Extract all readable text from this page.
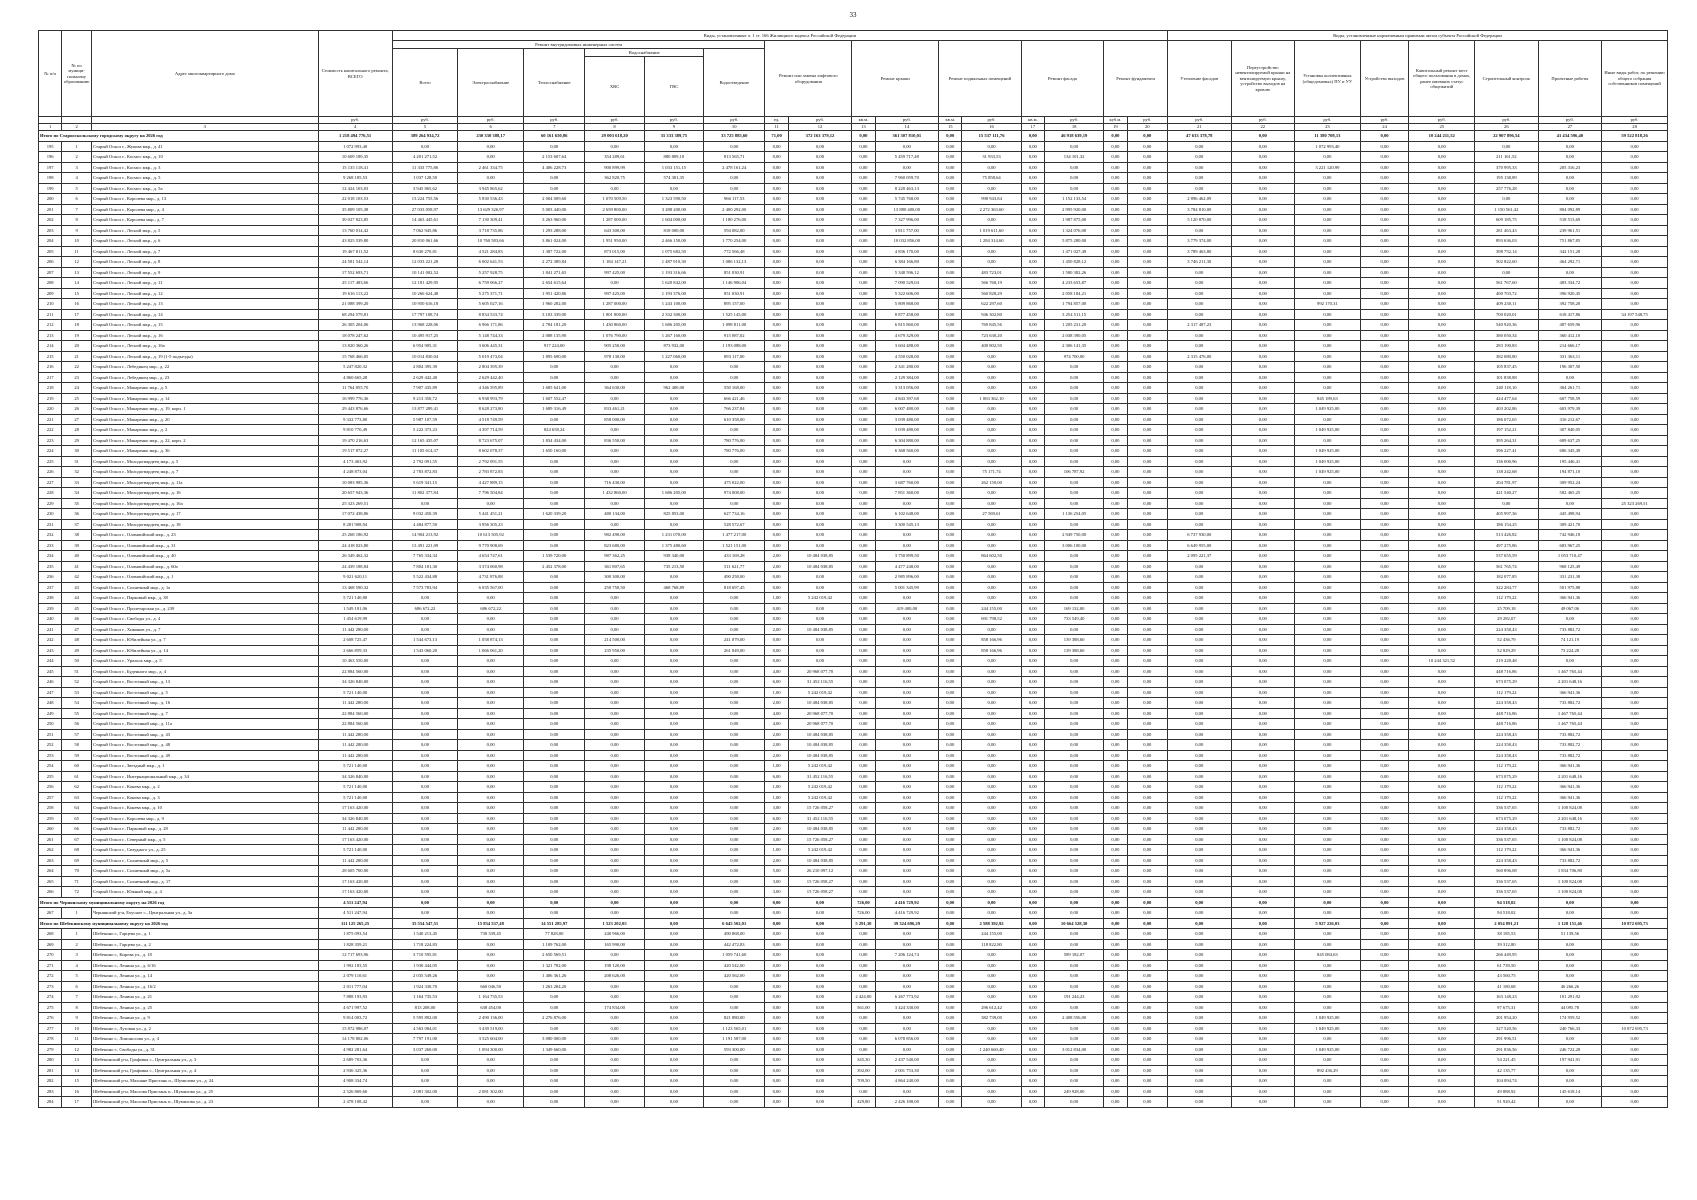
33
№ п/п	№ по муниципальному образованию	Адрес многоквартирного дома	Стоимость капитального ремонта, ВСЕГО	Виды, установленные ч. 1 ст. 166 Жилищного кодекса Российской Федерации																Виды, установленные нормативным правовым актом субъекта Российской Федерации							
				Ремонт внутридомовых инженерных систем						Ремонт или замена лифтового оборудования		Ремонт крыши		Ремонт подвальных помещений		Ремонт фасада		Ремонт фундамента		Утепление фасадов	Переустройство невентилируемой крыши на вентилируемую крышу, устройство выходов на кровлю	Установка коллективных (общедомовых) ПУ и УУ	Устройство выходов	Капитальный ремонт мест общего пользования в домах, ранее имевших статус общежитий	Строительный контроль	Проектные работы	Иные виды работ, по решению общего собрания собственников помещений
				Всего	Электроснабжение	Теплоснабжение	Водоснабжение		Водоотведение																		
							ХВС	ГВС																			
			руб.	руб.	руб.	руб.	руб.	руб.	руб.	ед.	руб.	кв.м.	руб.	кв.м.	руб.	кв.м.	руб.	куб.м.	руб.	руб.	руб.	руб.	руб.	руб.	руб.	руб.	руб.
1	2	3	4	5	6	7	8	9	10	11	12	13	14	15	16	17	18	19	20	21	22	23	24	25	26	27	28
Итого по Старооскольскому городскому округу на 2026 год			1 218 494 776,51	389 264 934,72	230 330 388,17	60 161 650,86	29 003 618,20	35 333 389,75	33 725 885,60	71,00	372 163 379,12	0,00	361 307 810,01	0,00	15 537 111,76	0,00	46 918 639,19	0,00	0,00	47 633 378,78	0,00	11 380 708,13	0,00	10 244 211,52	22 907 896,54	41 434 596,40	59 522 818,26
195	1	Старый Оскол г., Жукова мкр., д. 41	1 072 993,40	0,00	0,00	0,00	0,00	0,00	0,00	0,00	0,00	0,00	0,00	0,00	0,00	0,00	0,00	0,00	0,00	0,00	0,00	1 072 993,40	0,00	0,00	0,00	0,00	0,00
196	2	Старый Оскол г., Космос мкр., д. 10	10 609 189,35	4 201 271,52	0,00	2 153 607,64	354 289,61	880 809,10	813 565,71	0,00	0,00	0,00	5 459 717,48	0,00	31 933,53	0,00	134 101,32	0,00	0,00	0,00	0,00	0,00	0,00	0,00	211 161,52	0,00	0,00
197	3	Старый Оскол г., Космос мкр., д. 3	15 135 118,41	11 333 775,86	2 461 334,75	4 406 228,73	900 899,99	1 033 151,15	2 478 161,24	0,00	0,00	0,00	0,00	0,00	0,00	0,00	0,00	0,00	0,00	0,00	0,00	3 221 120,99	0,00	0,00	370 995,33	205 316,23	0,00
198	4	Старый Оскол г., Космос мкр., д. 5	9 268 185,53	1 037 128,50	0,00	0,00	362 820,75	574 301,35	0,00	0,00	0,00	0,00	7 960 059,70	0,00	75 858,64	0,00	0,00	0,00	0,00	0,00	0,00	0,00	0,00	0,00	195 138,89	0,00	0,00
199	5	Старый Оскол г., Космос мкр., д. 5а	12 424 103,03	3 945 865,62	3 945 865,62	0,00	0,00	0,00	0,00	0,00	0,00	0,00	8 220 463,13	0,00	0,00	0,00	0,00	0,00	0,00	0,00	0,00	0,00	0,00	0,00	257 776,28	0,00	0,00
200	6	Старый Оскол г., Королева мкр., д. 13	22 018 103,53	13 224 755,56	5 830 536,43	2 004 009,60	1 070 509,50	1 323 590,50	966 117,53	0,00	0,00	0,00	5 745 768,00	0,00	998 943,84	0,00	1 152 133,54	0,00	0,00	2 896 462,09	0,00	0,00	0,00	0,00	0,00	0,00	0,00
201	7	Старый Оскол г., Королева мкр., д. 4	35 809 105,38	27 033 058,97	13 629 326,97	5 003 440,00	2 659 800,00	3 288 200,00	2 400 292,00	0,00	0,00	0,00	13 880 400,00	0,00	2 272 363,60	0,00	2 995 920,00	0,00	0,00	3 784 810,00	0,00	0,00	0,00	0,00	1 150 561,42	804 092,89	0,00
202	8	Старый Оскол г., Королева мкр., д. 7	30 027 823,85	14 463 445,61	7 130 309,41	3 263 960,00	1 287 000,00	1 604 000,00	1 180 276,00	0,00	0,00	0,00	7 327 996,00	0,00	0,00	0,00	1 987 875,00	0,00	0,00	5 120 870,00	0,00	0,00	0,00	0,00	609 185,75	518 513,69	0,00
203	9	Старый Оскол г., Лесной мкр., д. 5	13 760 014,42	7 062 945,86	3 718 735,86	1 293 288,00	643 300,00	818 000,00	594 082,00	0,00	0,00	0,00	3 811 757,00	0,00	1 019 611,60	0,00	1 324 076,00	0,00	0,00	0,00	0,00	0,00	0,00	0,00	281 463,43	239 961,51	0,00
204	10	Старый Оскол г., Лесной мкр., д. 6	43 825 539,80	20 810 061,66	10 760 583,66	3 861 024,00	1 951 950,00	2 466 150,00	1 770 254,00	0,00	0,00	0,00	10 032 856,00	0,00	1 284 314,60	0,00	5 875 280,00	0,00	0,00	3 779 374,00	0,00	0,00	0,00	0,00	893 636,03	751 867,85	0,00
205	11	Старый Оскол г., Лесной мкр., д. 7	19 467 811,52	8 630 270,81	4 521 284,83	1 387 722,00	873 015,00	1 075 682,50	772 566,48	0,00	0,00	0,00	4 836 170,00	0,00	0,00	0,00	1 471 027,49	0,00	0,00	3 789 463,80	0,00	0,00	0,00	0,00	398 752,14	342 151,28	0,00
206	12	Старый Оскол г., Лесной мкр., д. 8	24 581 542,14	12 033 221,28	6 002 641,53	2 272 389,84	1 184 147,21	1 487 910,30	1 086 132,13	0,00	0,00	0,00	6 384 166,80	0,00	0,00	0,00	1 450 828,12	0,00	0,00	3 746 211,30	0,00	0,00	0,00	0,00	502 822,60	464 292,71	0,00
207	13	Старый Оскол г., Лесной мкр., д. 9	17 552 693,71	10 141 002,52	5 257 928,75	1 841 271,65	997 425,00	1 193 316,66	851 030,91	0,00	0,00	0,00	5 348 596,12	0,00	483 723,01	0,00	1 580 382,26	0,00	0,00	0,00	0,00	0,00	0,00	0,00	0,00	0,00	0,00
208	14	Старый Оскол г., Лесной мкр., д. 11	25 117 483,66	12 181 429,95	6 759 066,27	2 654 615,64	0,00	1 620 842,00	1 146 906,04	0,00	0,00	0,00	7 090 529,04	0,00	566 768,19	0,00	4 233 653,87	0,00	0,00	0,00	0,00	0,00	0,00	0,00	561 767,60	483 334,72	0,00
209	15	Старый Оскол г., Лесной мкр., д. 12	19 616 113,22	10 266 624,48	5 275 371,71	1 951 420,86	997 425,00	1 193 376,00	851 030,91	0,00	0,00	0,00	5 322 606,00	0,00	560 828,29	0,00	2 058 184,21	0,00	0,00	0,00	0,00	0,00	0,00	0,00	400 703,72	396 920,45	0,00
210	16	Старый Оскол г., Лесной мкр., д. 13	21 088 399,20	10 950 616,18	5 605 027,16	1 960 282,00	1 287 000,00	1 243 100,00	895 157,00	0,00	0,00	0,00	5 809 868,00	0,00	622 297,60	0,00	1 794 857,00	0,00	0,00	0,00	0,00	992 170,31	0,00	0,00	409 230,11	392 758,20	0,00
211	17	Старый Оскол г., Лесной мкр., д. 14	68 294 579,81	17 797 108,74	8 834 533,74	3 103 339,00	1 801 800,00	2 332 300,00	1 525 145,00	0,00	0,00	0,00	8 877 458,00	0,00	946 302,80	0,00	3 254 511,15	0,00	0,00	0,00	0,00	0,00	0,00	0,00	700 020,01	618 417,86	34 197 548,75
212	18	Старый Оскол г., Лесной мкр., д. 15	26 305 204,06	13 968 228,06	6 966 171,86	2 784 181,20	1 430 860,00	1 686 205,00	1 098 811,00	0,00	0,00	0,00	6 815 860,00	0,00	769 845,56	0,00	1 205 231,20	0,00	0,00	2 317 487,23	0,00	0,00	0,00	0,00	540 920,36	487 659,96	0,00
213	19	Старый Оскол г., Лесной мкр., д. 16	18 078 247,62	10 495 917,25	5 148 744,33	2 088 135,90	1 076 790,00	1 267 160,00	915 087,02	0,00	0,00	0,00	4 679 329,00	0,00	723 630,20	0,00	2 038 390,05	0,00	0,00	0,00	0,00	0,00	0,00	0,00	380 050,34	360 412,10	0,00
214	20	Старый Оскол г., Лесной мкр., д. 16а	13 820 360,26	6 954 905,31	3 606 445,31	917 224,00	905 250,00	873 932,00	1 193 088,00	0,00	0,00	0,00	3 604 488,00	0,00	400 802,50	0,00	2 306 141,35	0,00	0,00	0,00	0,00	0,00	0,00	0,00	283 190,83	214 666,17	0,00
215	21	Старый Оскол г., Лесной мкр., д. 19 (1-5 подъезды)	15 768 466,05	10 014 830,04	5 019 473,04	1 895 690,00	978 130,00	1 227 060,00	893 117,00	0,00	0,00	0,00	4 550 028,00	0,00	0,00	0,00	974 700,00	0,00	0,00	2 315 476,00	0,00	0,00	0,00	0,00	382 080,80	331 363,11	0,00
216	22	Старый Оскол г., Лебединец мкр., д. 22	5 247 820,32	2 804 395,39	2 804 395,39	0,00	0,00	0,00	0,00	0,00	0,00	0,00	2 341 280,00	0,00	0,00	0,00	0,00	0,00	0,00	0,00	0,00	0,00	0,00	0,00	105 837,45	196 307,50	0,00
217	23	Старый Оскол г., Лебединец мкр., д. 23	4 860 665,28	2 629 442,40	2 629 442,40	0,00	0,00	0,00	0,00	0,00	0,00	0,00	2 129 384,00	0,00	0,00	0,00	0,00	0,00	0,00	0,00	0,00	0,00	0,00	0,00	101 838,88	0,00	0,00
218	24	Старый Оскол г., Макаренко мкр., д. 5	11 764 855,70	7 907 435,89	4 346 595,89	1 685 641,00	364 630,00	962 400,00	550 168,00	0,00	0,00	0,00	3 313 056,00	0,00	0,00	0,00	0,00	0,00	0,00	0,00	0,00	0,00	0,00	0,00	240 118,10	304 261,71	0,00
219	25	Старый Оскол г., Макаренко мкр., д. 14	16 999 776,36	9 213 350,72	6 938 993,79	1 607 552,47	0,00	0,00	666 421,46	0,00	0,00	0,00	4 843 397,68	0,00	1 063 362,10	0,00	0,00	0,00	0,00	0,00	0,00	845 189,63	0,00	0,00	424 477,64	607 758,59	0,00
220	26	Старый Оскол г., Макаренко мкр., д. 19, корп. 1	29 443 876,66	13 877 289,41	8 628 273,80	1 689 316,49	833 461,21	0,00	766 237,84	0,00	0,00	0,00	6 007 480,00	0,00	0,00	0,00	0,00	0,00	0,00	0,00	0,00	1 049 925,00	0,00	0,00	403 202,86	603 979,39	0,00
221	27	Старый Оскол г., Макаренко мкр., д. 20	9 332 773,80	5 987 107,59	4 518 749,59	0,00	858 000,00	0,00	610 358,00	0,00	0,00	0,00	3 039 480,00	0,00	0,00	0,00	0,00	0,00	0,00	0,00	0,00	0,00	0,00	0,00	186 072,65	316 212,67	0,00
222	28	Старый Оскол г., Макаренко мкр., д. 2	9 810 770,49	5 222 373,23	4 397 714,59	824 658,24	0,00	0,00	0,00	0,00	0,00	0,00	3 039 480,00	0,00	0,00	0,00	0,00	0,00	0,00	0,00	0,00	1 049 925,00	0,00	0,00	197 152,21	307 840,05	0,00
223	29	Старый Оскол г., Макаренко мкр., д. 22, корп. 2	19 470 216,63	12 165 435,07	8 723 675,07	1 834 434,00	836 550,00	0,00	780 776,00	0,00	0,00	0,00	6 304 880,00	0,00	0,00	0,00	0,00	0,00	0,00	0,00	0,00	0,00	0,00	0,00	395 264,31	689 637,25	0,00
224	30	Старый Оскол г., Макаренко мкр., д. 36	19 517 872,27	11 105 614,37	8 602 078,37	1 650 160,00	0,00	0,00	780 776,00	0,00	0,00	0,00	6 368 560,00	0,00	0,00	0,00	0,00	0,00	0,00	0,00	0,00	1 049 925,00	0,00	0,00	396 227,41	686 345,49	0,00
225	31	Старый Оскол г., Молодогвардеец мкр., д. 5	4 173 463,92	2 792 091,55	2 792 091,55	0,00	0,00	0,00	0,00	0,00	0,00	0,00	0,00	0,00	0,00	0,00	0,00	0,00	0,00	0,00	0,00	1 049 925,00	0,00	0,00	136 000,96	195 446,41	0,00
226	32	Старый Оскол г., Молодогвардеец мкр., д. 7	4 248 873,04	2 783 872,83	2 783 872,83	0,00	0,00	0,00	0,00	0,00	0,00	0,00	0,00	0,00	75 171,74	0,00	106 787,92	0,00	0,00	0,00	0,00	1 049 925,00	0,00	0,00	138 242,68	194 871,10	0,00
227	33	Старый Оскол г., Молодогвардеец мкр., д. 11а	10 083 985,36	5 619 341,15	4 427 889,15	0,00	716 430,00	0,00	475 022,00	0,00	0,00	0,00	3 687 760,00	0,00	262 150,00	0,00	0,00	0,00	0,00	0,00	0,00	0,00	0,00	0,00	204 781,97	309 952,24	0,00
228	34	Старый Оскол г., Молодогвардеец мкр., д. 16	20 657 943,36	11 802 377,84	7 796 504,84	0,00	1 432 860,00	1 686 205,00	974 008,00	0,00	0,00	0,00	7 851 360,00	0,00	0,00	0,00	0,00	0,00	0,00	0,00	0,00	0,00	0,00	0,00	421 540,27	582 465,25	0,00
229	35	Старый Оскол г., Молодогвардеец мкр., д. 16а	25 323 269,51	0,00	0,00	0,00	0,00	0,00	0,00	0,00	0,00	0,00	0,00	0,00	0,00	0,00	0,00	0,00	0,00	0,00	0,00	0,00	0,00	0,00	0,00	0,00	25 323 269,51
230	36	Старый Оскол г., Молодогвардеец мкр., д. 17	17 072 438,86	9 032 450,39	5 441 451,21	1 620 339,20	480 134,00	825 853,00	627 734,16	0,00	0,00	0,00	6 102 648,00	0,00	27 569,61	0,00	1 136 254,05	0,00	0,00	0,00	0,00	0,00	0,00	0,00	405 997,36	445 498,94	0,00
231	37	Старый Оскол г., Молодогвардеец мкр., д. 18	8 281 908,94	4 484 877,50	3 956 305,23	0,00	0,00	0,00	528 572,67	0,00	0,00	0,00	3 300 545,13	0,00	0,00	0,00	0,00	0,00	0,00	0,00	0,00	0,00	0,00	0,00	186 154,25	309 421,70	0,00
232	38	Старый Оскол г., Олимпийский мкр., д. 23	25 268 186,92	14 904 213,92	10 613 505,92	0,00	982 490,00	1 231 070,00	1 477 217,00	0,00	0,00	0,00	0,00	0,00	0,00	0,00	2 949 750,00	0,00	0,00	6 737 930,00	0,00	0,00	0,00	0,00	513 426,82	742 946,18	0,00
233	39	Старый Оскол г., Олимпийский мкр., д. 31	24 418 023,80	13 491 221,09	9 770 908,69	0,00	823 680,00	1 375 480,60	1 521 151,00	0,00	0,00	0,00	0,00	0,00	0,00	0,00	3 006 100,00	0,00	0,00	6 649 955,00	0,00	0,00	0,00	0,00	497 275,86	683 967,25	0,00
234	40	Старый Оскол г., Олимпийский мкр., д. 40	26 349 462,32	7 765 334,34	4 654 747,61	1 539 720,00	987 362,25	938 340,00	433 169,28	2,00	10 484 038,85	0,00	3 750 899,50	0,00	864 602,50	0,00	0,00	0,00	0,00	2 095 221,37	0,00	0,00	0,00	0,00	537 655,59	1 053 710,47	0,00
235	41	Старый Оскол г., Олимпийский мкр., д. 60а	24 439 188,84	7 804 181,30	3 374 060,98	2 452 378,00	361 807,65	735 213,50	511 621,77	2,00	10 484 038,85	0,00	4 477 248,00	0,00	0,00	0,00	0,00	0,00	0,00	0,00	0,00	0,00	0,00	0,00	561 765,74	968 125,49	0,00
236	42	Старый Оскол г., Олимпийский мкр., д. 1	9 021 620,11	5 522 434,88	4 731 876,88	0,00	300 300,00	0,00	490 258,00	0,00	0,00	0,00	2 985 896,00	0,00	0,00	0,00	0,00	0,00	0,00	0,00	0,00	0,00	0,00	0,00	182 077,85	331 231,38	0,00
237	43	Старый Оскол г., Солнечный мкр., д. 1а	13 468 590,32	7 573 783,94	6 035 567,00	0,00	250 750,50	468 768,89	818 697,45	0,00	0,00	0,00	5 001 345,99	0,00	0,00	0,00	0,00	0,00	0,00	0,00	0,00	0,00	0,00	0,00	322 284,77	501 975,88	0,00
238	44	Старый Оскол г., Парковый мкр., д. 38	5 721 140,80	0,00	0,00	0,00	0,00	0,00	0,00	1,00	5 242 019,42	0,00	0,00	0,00	0,00	0,00	0,00	0,00	0,00	0,00	0,00	0,00	0,00	0,00	112 179,22	366 941,36	0,00
239	45	Старый Оскол г., Пролетарская ул., д. 239	1 549 101,06	686 672,22	686 672,22	0,00	0,00	0,00	0,00	0,00	0,00	0,00	419 400,00	0,00	244 155,00	0,00	169 132,00	0,00	0,00	0,00	0,00	0,00	0,00	0,00	25 709,18	49 067,06	0,00
240	46	Старый Оскол г., Свободы ул., д. 4	1 454 619,99	0,00	0,00	0,00	0,00	0,00	0,00	0,00	0,00	0,00	0,00	0,00	691 798,52	0,00	733 549,40	0,00	0,00	0,00	0,00	0,00	0,00	0,00	29 282,07	0,00	0,00
241	47	Старый Оскол г., Химиков ул., д. 7	11 442 280,00	0,00	0,00	0,00	0,00	0,00	0,00	2,00	10 484 038,85	0,00	0,00	0,00	0,00	0,00	0,00	0,00	0,00	0,00	0,00	0,00	0,00	0,00	224 358,43	733 882,72	0,00
242	48	Старый Оскол г., Юбилейная ул., д. 7	2 608 725,47	1 544 673,13	1 058 874,13	0,00	214 500,00	0,00	241 079,00	0,00	0,00	0,00	0,00	0,00	858 166,96	0,00	139 388,60	0,00	0,00	0,00	0,00	0,00	0,00	0,00	52 436,79	74 121,19	0,00
243	49	Старый Оскол г., Юбилейная ул., д. 14	2 666 859,33	1 543 060,20	1 066 061,20	0,00	235 950,00	0,00	261 049,00	0,00	0,00	0,00	0,00	0,00	858 166,96	0,00	139 388,60	0,00	0,00	0,00	0,00	0,00	0,00	0,00	52 829,29	73 224,28	0,00
244	50	Старый Оскол г., Уральск мкр., д. 5	10 463 550,00	0,00	0,00	0,00	0,00	0,00	0,00	0,00	0,00	0,00	0,00	0,00	0,00	0,00	0,00	0,00	0,00	0,00	0,00	0,00	0,00	10 244 321,52	219 228,48	0,00	0,00
245	51	Старый Оскол г., Буденного мкр., д. 4	22 884 560,00	0,00	0,00	0,00	0,00	0,00	0,00	4,00	20 968 077,70	0,00	0,00	0,00	0,00	0,00	0,00	0,00	0,00	0,00	0,00	0,00	0,00	0,00	448 716,86	1 467 765,44	0,00
246	52	Старый Оскол г., Восточный мкр., д. 13	34 326 840,00	0,00	0,00	0,00	0,00	0,00	0,00	6,00	31 452 116,55	0,00	0,00	0,00	0,00	0,00	0,00	0,00	0,00	0,00	0,00	0,00	0,00	0,00	673 075,29	2 201 648,16	0,00
247	53	Старый Оскол г., Восточный мкр., д. 5	5 721 140,00	0,00	0,00	0,00	0,00	0,00	0,00	1,00	5 242 019,42	0,00	0,00	0,00	0,00	0,00	0,00	0,00	0,00	0,00	0,00	0,00	0,00	0,00	112 179,22	366 941,36	0,00
248	54	Старый Оскол г., Восточный мкр., д. 16	11 442 280,00	0,00	0,00	0,00	0,00	0,00	0,00	2,00	10 484 038,85	0,00	0,00	0,00	0,00	0,00	0,00	0,00	0,00	0,00	0,00	0,00	0,00	0,00	224 358,43	733 882,72	0,00
249	55	Старый Оскол г., Восточный мкр., д. 7	22 884 560,00	0,00	0,00	0,00	0,00	0,00	0,00	4,00	20 968 077,70	0,00	0,00	0,00	0,00	0,00	0,00	0,00	0,00	0,00	0,00	0,00	0,00	0,00	448 716,86	1 467 765,44	0,00
250	56	Старый Оскол г., Восточный мкр., д. 11а	22 884 560,00	0,00	0,00	0,00	0,00	0,00	0,00	4,00	20 968 077,70	0,00	0,00	0,00	0,00	0,00	0,00	0,00	0,00	0,00	0,00	0,00	0,00	0,00	448 716,86	1 467 765,44	0,00
251	57	Старый Оскол г., Восточный мкр., д. 43	11 442 280,00	0,00	0,00	0,00	0,00	0,00	0,00	2,00	10 484 038,85	0,00	0,00	0,00	0,00	0,00	0,00	0,00	0,00	0,00	0,00	0,00	0,00	0,00	224 358,43	733 882,72	0,00
252	58	Старый Оскол г., Восточный мкр., д. 48	11 442 280,00	0,00	0,00	0,00	0,00	0,00	0,00	2,00	10 484 038,85	0,00	0,00	0,00	0,00	0,00	0,00	0,00	0,00	0,00	0,00	0,00	0,00	0,00	224 358,43	733 882,72	0,00
253	59	Старый Оскол г., Восточный мкр., д. 49	11 442 280,00	0,00	0,00	0,00	0,00	0,00	0,00	2,00	10 484 038,85	0,00	0,00	0,00	0,00	0,00	0,00	0,00	0,00	0,00	0,00	0,00	0,00	0,00	224 358,43	733 882,72	0,00
254	60	Старый Оскол г., Звездный мкр., д. 1	5 721 140,00	0,00	0,00	0,00	0,00	0,00	0,00	1,00	5 242 019,42	0,00	0,00	0,00	0,00	0,00	0,00	0,00	0,00	0,00	0,00	0,00	0,00	0,00	112 179,22	366 941,36	0,00
255	61	Старый Оскол г., Интернациональный мкр., д. 34	34 326 840,00	0,00	0,00	0,00	0,00	0,00	0,00	6,00	31 452 116,55	0,00	0,00	0,00	0,00	0,00	0,00	0,00	0,00	0,00	0,00	0,00	0,00	0,00	673 075,29	2 201 648,16	0,00
256	62	Старый Оскол г., Конева мкр., д. 2	5 721 140,00	0,00	0,00	0,00	0,00	0,00	0,00	1,00	5 242 019,42	0,00	0,00	0,00	0,00	0,00	0,00	0,00	0,00	0,00	0,00	0,00	0,00	0,00	112 179,22	366 941,36	0,00
257	63	Старый Оскол г., Конева мкр., д. 3	5 721 140,00	0,00	0,00	0,00	0,00	0,00	0,00	1,00	5 242 019,42	0,00	0,00	0,00	0,00	0,00	0,00	0,00	0,00	0,00	0,00	0,00	0,00	0,00	112 179,22	366 941,36	0,00
258	64	Старый Оскол г., Конева мкр., д. 10	17 163 420,00	0,00	0,00	0,00	0,00	0,00	0,00	3,00	15 726 058,27	0,00	0,00	0,00	0,00	0,00	0,00	0,00	0,00	0,00	0,00	0,00	0,00	0,00	336 537,65	1 100 824,08	0,00
259	65	Старый Оскол г., Королева мкр., д. 9	34 326 840,00	0,00	0,00	0,00	0,00	0,00	0,00	6,00	31 452 116,55	0,00	0,00	0,00	0,00	0,00	0,00	0,00	0,00	0,00	0,00	0,00	0,00	0,00	673 075,29	2 201 648,16	0,00
260	66	Старый Оскол г., Парковый мкр., д. 28	11 442 280,00	0,00	0,00	0,00	0,00	0,00	0,00	2,00	10 484 038,85	0,00	0,00	0,00	0,00	0,00	0,00	0,00	0,00	0,00	0,00	0,00	0,00	0,00	224 358,43	733 882,72	0,00
261	67	Старый Оскол г., Северный мкр., д. 5	17 163 420,00	0,00	0,00	0,00	0,00	0,00	0,00	3,00	15 726 058,27	0,00	0,00	0,00	0,00	0,00	0,00	0,00	0,00	0,00	0,00	0,00	0,00	0,00	336 537,65	1 100 824,08	0,00
262	68	Старый Оскол г., Сизудного ул., д. 25	5 721 140,00	0,00	0,00	0,00	0,00	0,00	0,00	1,00	5 242 019,42	0,00	0,00	0,00	0,00	0,00	0,00	0,00	0,00	0,00	0,00	0,00	0,00	0,00	112 179,22	366 941,36	0,00
263	69	Старый Оскол г., Солнечный мкр., д. 5	11 442 280,00	0,00	0,00	0,00	0,00	0,00	0,00	2,00	10 484 038,85	0,00	0,00	0,00	0,00	0,00	0,00	0,00	0,00	0,00	0,00	0,00	0,00	0,00	224 358,43	733 882,72	0,00
264	70	Старый Оскол г., Солнечный мкр., д. 5а	28 605 700,00	0,00	0,00	0,00	0,00	0,00	0,00	5,00	26 210 097,12	0,00	0,00	0,00	0,00	0,00	0,00	0,00	0,00	0,00	0,00	0,00	0,00	0,00	560 896,08	1 834 706,80	0,00
265	71	Старый Оскол г., Солнечный мкр., д. 17	17 163 420,00	0,00	0,00	0,00	0,00	0,00	0,00	3,00	15 726 058,27	0,00	0,00	0,00	0,00	0,00	0,00	0,00	0,00	0,00	0,00	0,00	0,00	0,00	336 537,65	1 100 824,08	0,00
266	72	Старый Оскол г., Южный мкр., д. 4	17 163 420,00	0,00	0,00	0,00	0,00	0,00	0,00	3,00	15 726 058,27	0,00	0,00	0,00	0,00	0,00	0,00	0,00	0,00	0,00	0,00	0,00	0,00	0,00	336 537,65	1 100 824,08	0,00
Итого по Чернянскому муниципальному округу на 2026 год			4 511 247,94	0,00	0,00	0,00	0,00	0,00	0,00	0,00	0,00	726,00	4 416 729,92	0,00	0,00	0,00	0,00	0,00	0,00	0,00	0,00	0,00	0,00	0,00	94 518,02	0,00	0,00
267	1	Чернянский р-н, Еоусное с., Центральная ул., д. 3а	4 511 247,94	0,00	0,00	0,00	0,00	0,00	0,00	0,00	0,00	726,00	4 416 729,92	0,00	0,00	0,00	0,00	0,00	0,00	0,00	0,00	0,00	0,00	0,00	94 518,02	0,00	0,00
Итого по Шебекинскому муниципальному округу на 2026 год			111 125 265,25	35 554 547,51	15 834 537,48	14 551 285,97	1 523 202,05	0,00	6 645 502,01	0,00	0,00	5 291,30	39 324 696,29	0,00	2 588 392,92	0,00	10 664 528,30	0,00	0,00	0,00	0,00	5 927 226,03	0,00	0,00	2 054 891,21	1 128 151,46	10 872 695,73
268	1	Шебекино г., Гарцева ул., д. 1	1 875 093,54	1 540 213,45	730 339,45	77 828,00	240 966,00	0,00	490 868,00	0,00	0,00	0,00	0,00	0,00	244 155,00	0,00	0,00	0,00	0,00	0,00	0,00	0,00	0,00	0,00	38 185,53	51 139,56	0,00
269	2	Шебекино г., Гарцева ул., д. 2	1 828 359,21	1 718 224,83	0,00	1 109 762,00	165 990,00	0,00	442 472,83	0,00	0,00	0,00	0,00	0,00	118 822,80	0,00	0,00	0,00	0,00	0,00	0,00	0,00	0,00	0,00	39 312,80	0,00	0,00
270	3	Шебекино г., Кирова ул., д. 18	12 717 693,96	3 710 595,81	0,00	2 650 569,51	0,00	0,00	1 059 741,60	0,00	0,00	0,00	7 206 124,74	0,00	0,00	0,00	589 182,07	0,00	0,00	0,00	0,00	845 084,63	0,00	0,00	266 449,95	0,00	0,00
271	4	Шебекино г., Ленина ул., д. 6/16	1 992 183,55	1 930 444,05	0,00	1 321 782,00	198 120,00	0,00	420 542,00	0,00	0,00	0,00	0,00	0,00	0,00	0,00	0,00	0,00	0,00	0,00	0,00	0,00	0,00	0,00	61 739,50	0,00	0,00
272	5	Шебекино г., Ленина ул., д. 14	2 079 110,61	2 035 549,26	0,00	1 406 361,26	208 626,00	0,00	420 562,00	0,00	0,00	0,00	0,00	0,00	0,00	0,00	0,00	0,00	0,00	0,00	0,00	0,00	0,00	0,00	43 560,75	0,00	0,00
273	6	Шебекино г., Ленина ул., д. 16/2	2 011 777,04	1 924 330,70	660 046,50	1 263 284,20	0,00	0,00	0,00	0,00	0,00	0,00	0,00	0,00	0,00	0,00	0,00	0,00	0,00	0,00	0,00	0,00	0,00	0,00	41 180,68	46 266,26	0,00
274	7	Шебекино г., Ленина ул., д. 21	7 888 193,93	1 164 735,53	1 164 735,53	0,00	0,00	0,00	0,00	0,00	0,00	2 424,00	6 267 773,92	0,00	0,00	0,00	191 244,23	0,00	0,00	0,00	0,00	0,00	0,00	0,00	163 148,23	101 291,92	0,00
275	8	Шебекино г., Ленина ул., д. 25	4 671 997,52	813 208,00	638 454,00	0,00	174 834,00	0,00	0,00	0,00	0,00	561,00	3 424 330,00	0,00	296 612,42	0,00	0,00	0,00	0,00	0,00	0,00	0,00	0,00	0,00	97 675,31	44 095,78	0,00
276	9	Шебекино г., Ленина ул., д. 9	9 814 003,72	5 595 892,00	2 490 136,00	2 276 876,00	0,00	0,00	821 880,00	0,00	0,00	0,00	0,00	0,00	382 739,00	0,00	2 408 556,00	0,00	0,00	0,00	0,00	1 049 925,00	0,00	0,00	201 954,20	174 959,52	0,00
277	10	Шебекино г., Луговая ул., д. 2	15 872 986,07	4 563 084,01	3 439 519,00	0,00	0,00	0,00	1 123 565,01	0,00	0,00	0,00	0,00	0,00	0,00	0,00	0,00	0,00	0,00	0,00	0,00	1 049 925,00	0,00	0,00	327 520,56	240 766,33	10 872 695,73
278	11	Шебекино г., Ломоносова ул., д. 4	14 178 802,06	7 797 191,00	3 525 604,00	3 080 000,00	0,00	0,00	1 191 587,00	0,00	0,00	0,00	6 078 856,00	0,00	0,00	0,00	0,00	0,00	0,00	0,00	0,00	0,00	0,00	0,00	291 996,51	0,00	0,00
279	12	Шебекино г., Свободы ул., д. 31	4 982 281,64	3 037 260,00	1 094 300,00	1 349 660,00	0,00	0,00	593 300,00	0,00	0,00	0,00	0,00	0,00	1 240 660,40	0,00	3 012 834,00	0,00	0,00	0,00	0,00	1 049 925,00	0,00	0,00	291 836,56	246 722,28	0,00
280	13	Шебекинский р-н, Графовка с., Центральная ул., д. 3	2 689 703,36	0,00	0,00	0,00	0,00	0,00	0,00	0,00	0,00	345,30	2 437 540,00	0,00	0,00	0,00	0,00	0,00	0,00	0,00	0,00	0,00	0,00	0,00	54 221,45	197 941,91	0,00
281	14	Шебекинский р-н, Графовка с., Центральная ул., д. 4	2 936 325,36	0,00	0,00	0,00	0,00	0,00	0,00	0,00	0,00	392,00	2 001 753,30	0,00	0,00	0,00	0,00	0,00	0,00	0,00	0,00	892 436,29	0,00	0,00	42 135,77	0,00	0,00
282	15	Шебекинский р-н, Малояне Пристань п., Шумилова ул., д. 24	4 908 334,74	0,00	0,00	0,00	0,00	0,00	0,00	0,00	0,00	709,50	4 864 240,00	0,00	0,00	0,00	0,00	0,00	0,00	0,00	0,00	0,00	0,00	0,00	104 094,74	0,00	0,00
283	16	Шебекинский р-н, Маслова Пристань п., Шумилова ул., д. 25	2 526 869,66	2 081 302,00	2 081 302,00	0,00	0,00	0,00	0,00	0,00	0,00	0,00	0,00	0,00	0,00	0,00	249 928,00	0,00	0,00	0,00	0,00	0,00	0,00	0,00	49 888,92	145 618,14	0,00
284	17	Шебекинский р-н, Маслова Пристань п., Шумилова ул., д. 23	2 478 108,42	0,00	0,00	0,00	0,00	0,00	0,00	0,00	0,00	429,80	2 426 188,00	0,00	0,00	0,00	0,00	0,00	0,00	0,00	0,00	0,00	0,00	0,00	51 920,42	0,00	0,00
